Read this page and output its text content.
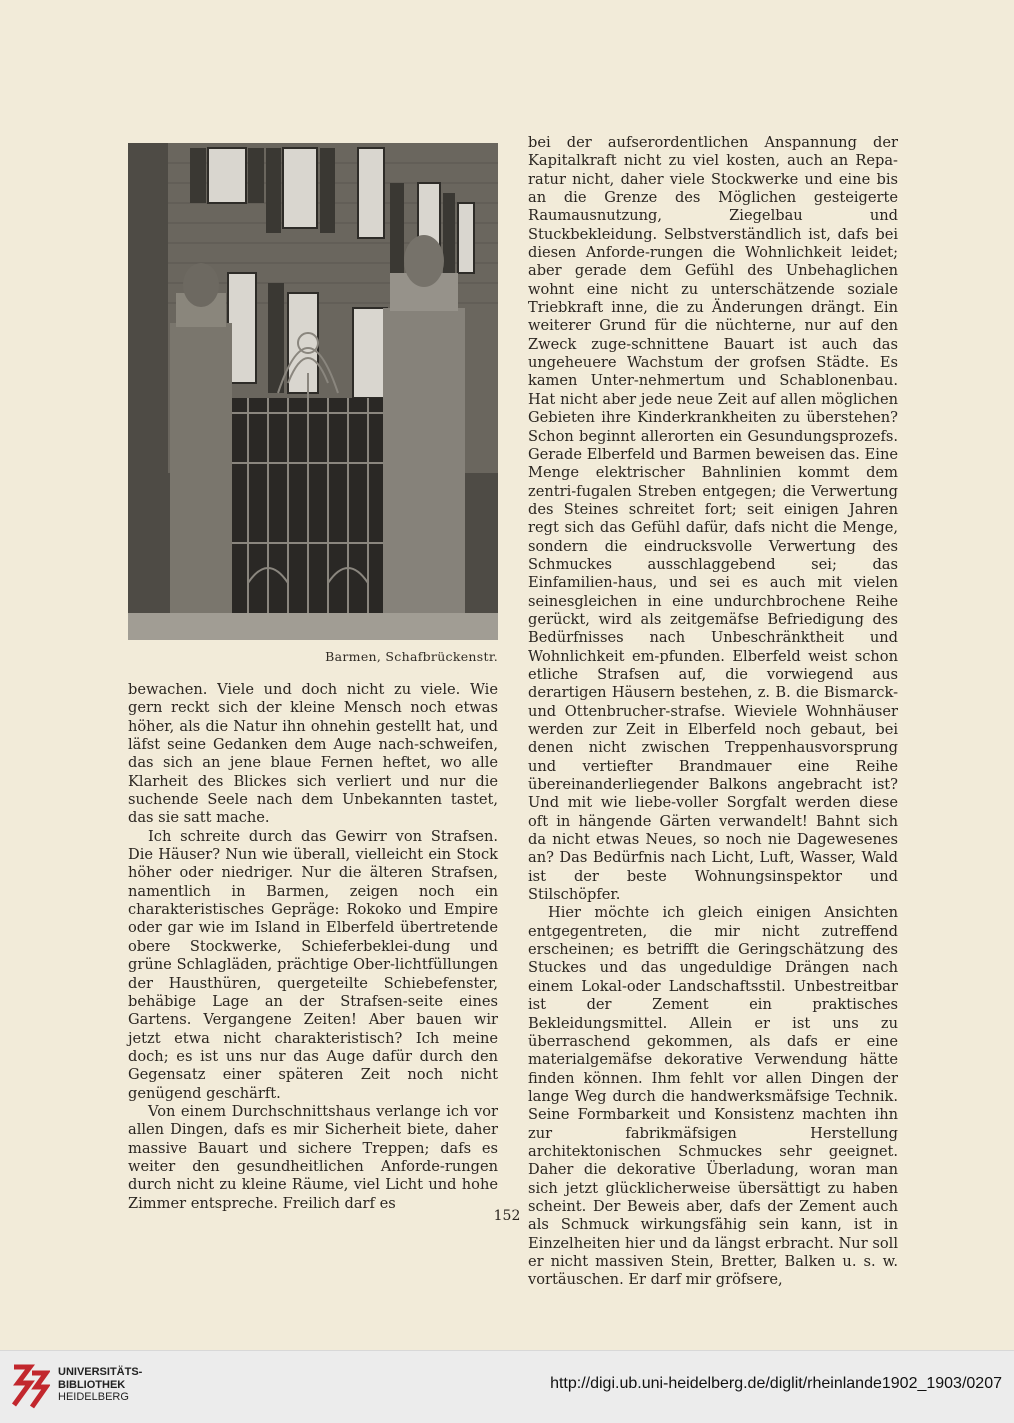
Barmen, Schafbrückenstr.

bewachen. Viele und doch nicht zu viele. Wie gern reckt sich der kleine Mensch noch etwas höher, als die Natur ihn ohnehin gestellt hat, und läfst seine Gedanken dem Auge nach-schweifen, das sich an jene blaue Fernen heftet, wo alle Klarheit des Blickes sich verliert und nur die suchende Seele nach dem Unbekannten tastet, das sie satt mache.

Ich schreite durch das Gewirr von Strafsen. Die Häuser? Nun wie überall, vielleicht ein Stock höher oder niedriger. Nur die älteren Strafsen, namentlich in Barmen, zeigen noch ein charakteristisches Gepräge: Rokoko und Empire oder gar wie im Island in Elberfeld übertretende obere Stockwerke, Schieferbeklei-dung und grüne Schlagläden, prächtige Ober-lichtfüllungen der Hausthüren, quergeteilte Schiebefenster, behäbige Lage an der Strafsen-seite eines Gartens. Vergangene Zeiten! Aber bauen wir jetzt etwa nicht charakteristisch? Ich meine doch; es ist uns nur das Auge dafür durch den Gegensatz einer späteren Zeit noch nicht genügend geschärft.

Von einem Durchschnittshaus verlange ich vor allen Dingen, dafs es mir Sicherheit biete, daher massive Bauart und sichere Treppen; dafs es weiter den gesundheitlichen Anforde-rungen durch nicht zu kleine Räume, viel Licht und hohe Zimmer entspreche. Freilich darf es

bei der aufserordentlichen Anspannung der Kapitalkraft nicht zu viel kosten, auch an Repa-ratur nicht, daher viele Stockwerke und eine bis an die Grenze des Möglichen gesteigerte Raumausnutzung, Ziegelbau und Stuckbekleidung. Selbstverständlich ist, dafs bei diesen Anforde-rungen die Wohnlichkeit leidet; aber gerade dem Gefühl des Unbehaglichen wohnt eine nicht zu unterschätzende soziale Triebkraft inne, die zu Änderungen drängt. Ein weiterer Grund für die nüchterne, nur auf den Zweck zuge-schnittene Bauart ist auch das ungeheuere Wachstum der grofsen Städte. Es kamen Unter-nehmertum und Schablonenbau. Hat nicht aber jede neue Zeit auf allen möglichen Gebieten ihre Kinderkrankheiten zu überstehen? Schon beginnt allerorten ein Gesundungsprozefs. Gerade Elberfeld und Barmen beweisen das. Eine Menge elektrischer Bahnlinien kommt dem zentri-fugalen Streben entgegen; die Verwertung des Steines schreitet fort; seit einigen Jahren regt sich das Gefühl dafür, dafs nicht die Menge, sondern die eindrucksvolle Verwertung des Schmuckes ausschlaggebend sei; das Einfamilien-haus, und sei es auch mit vielen seinesgleichen in eine undurchbrochene Reihe gerückt, wird als zeitgemäfse Befriedigung des Bedürfnisses nach Unbeschränktheit und Wohnlichkeit em-pfunden. Elberfeld weist schon etliche Strafsen auf, die vorwiegend aus derartigen Häusern bestehen, z. B. die Bismarck- und Ottenbrucher-strafse. Wieviele Wohnhäuser werden zur Zeit in Elberfeld noch gebaut, bei denen nicht zwischen Treppenhausvorsprung und vertiefter Brandmauer eine Reihe übereinanderliegender Balkons angebracht ist? Und mit wie liebe-voller Sorgfalt werden diese oft in hängende Gärten verwandelt! Bahnt sich da nicht etwas Neues, so noch nie Dagewesenes an? Das Bedürfnis nach Licht, Luft, Wasser, Wald ist der beste Wohnungsinspektor und Stilschöpfer.

Hier möchte ich gleich einigen Ansichten entgegentreten, die mir nicht zutreffend erscheinen; es betrifft die Geringschätzung des Stuckes und das ungeduldige Drängen nach einem Lokal-oder Landschaftsstil. Unbestreitbar ist der Zement ein praktisches Bekleidungsmittel. Allein er ist uns zu überraschend gekommen, als dafs er eine materialgemäfse dekorative Verwendung hätte finden können. Ihm fehlt vor allen Dingen der lange Weg durch die handwerksmäfsige Technik. Seine Formbarkeit und Konsistenz machten ihn zur fabrikmäfsigen Herstellung architektonischen Schmuckes sehr geeignet. Daher die dekorative Überladung, woran man sich jetzt glücklicherweise übersättigt zu haben scheint. Der Beweis aber, dafs der Zement auch als Schmuck wirkungsfähig sein kann, ist in Einzelheiten hier und da längst erbracht. Nur soll er nicht massiven Stein, Bretter, Balken u. s. w. vortäuschen. Er darf mir gröfsere,

152
UNIVERSITÄTS-
BIBLIOTHEK
HEIDELBERG
http://digi.ub.uni-heidelberg.de/diglit/rheinlande1902_1903/0207
